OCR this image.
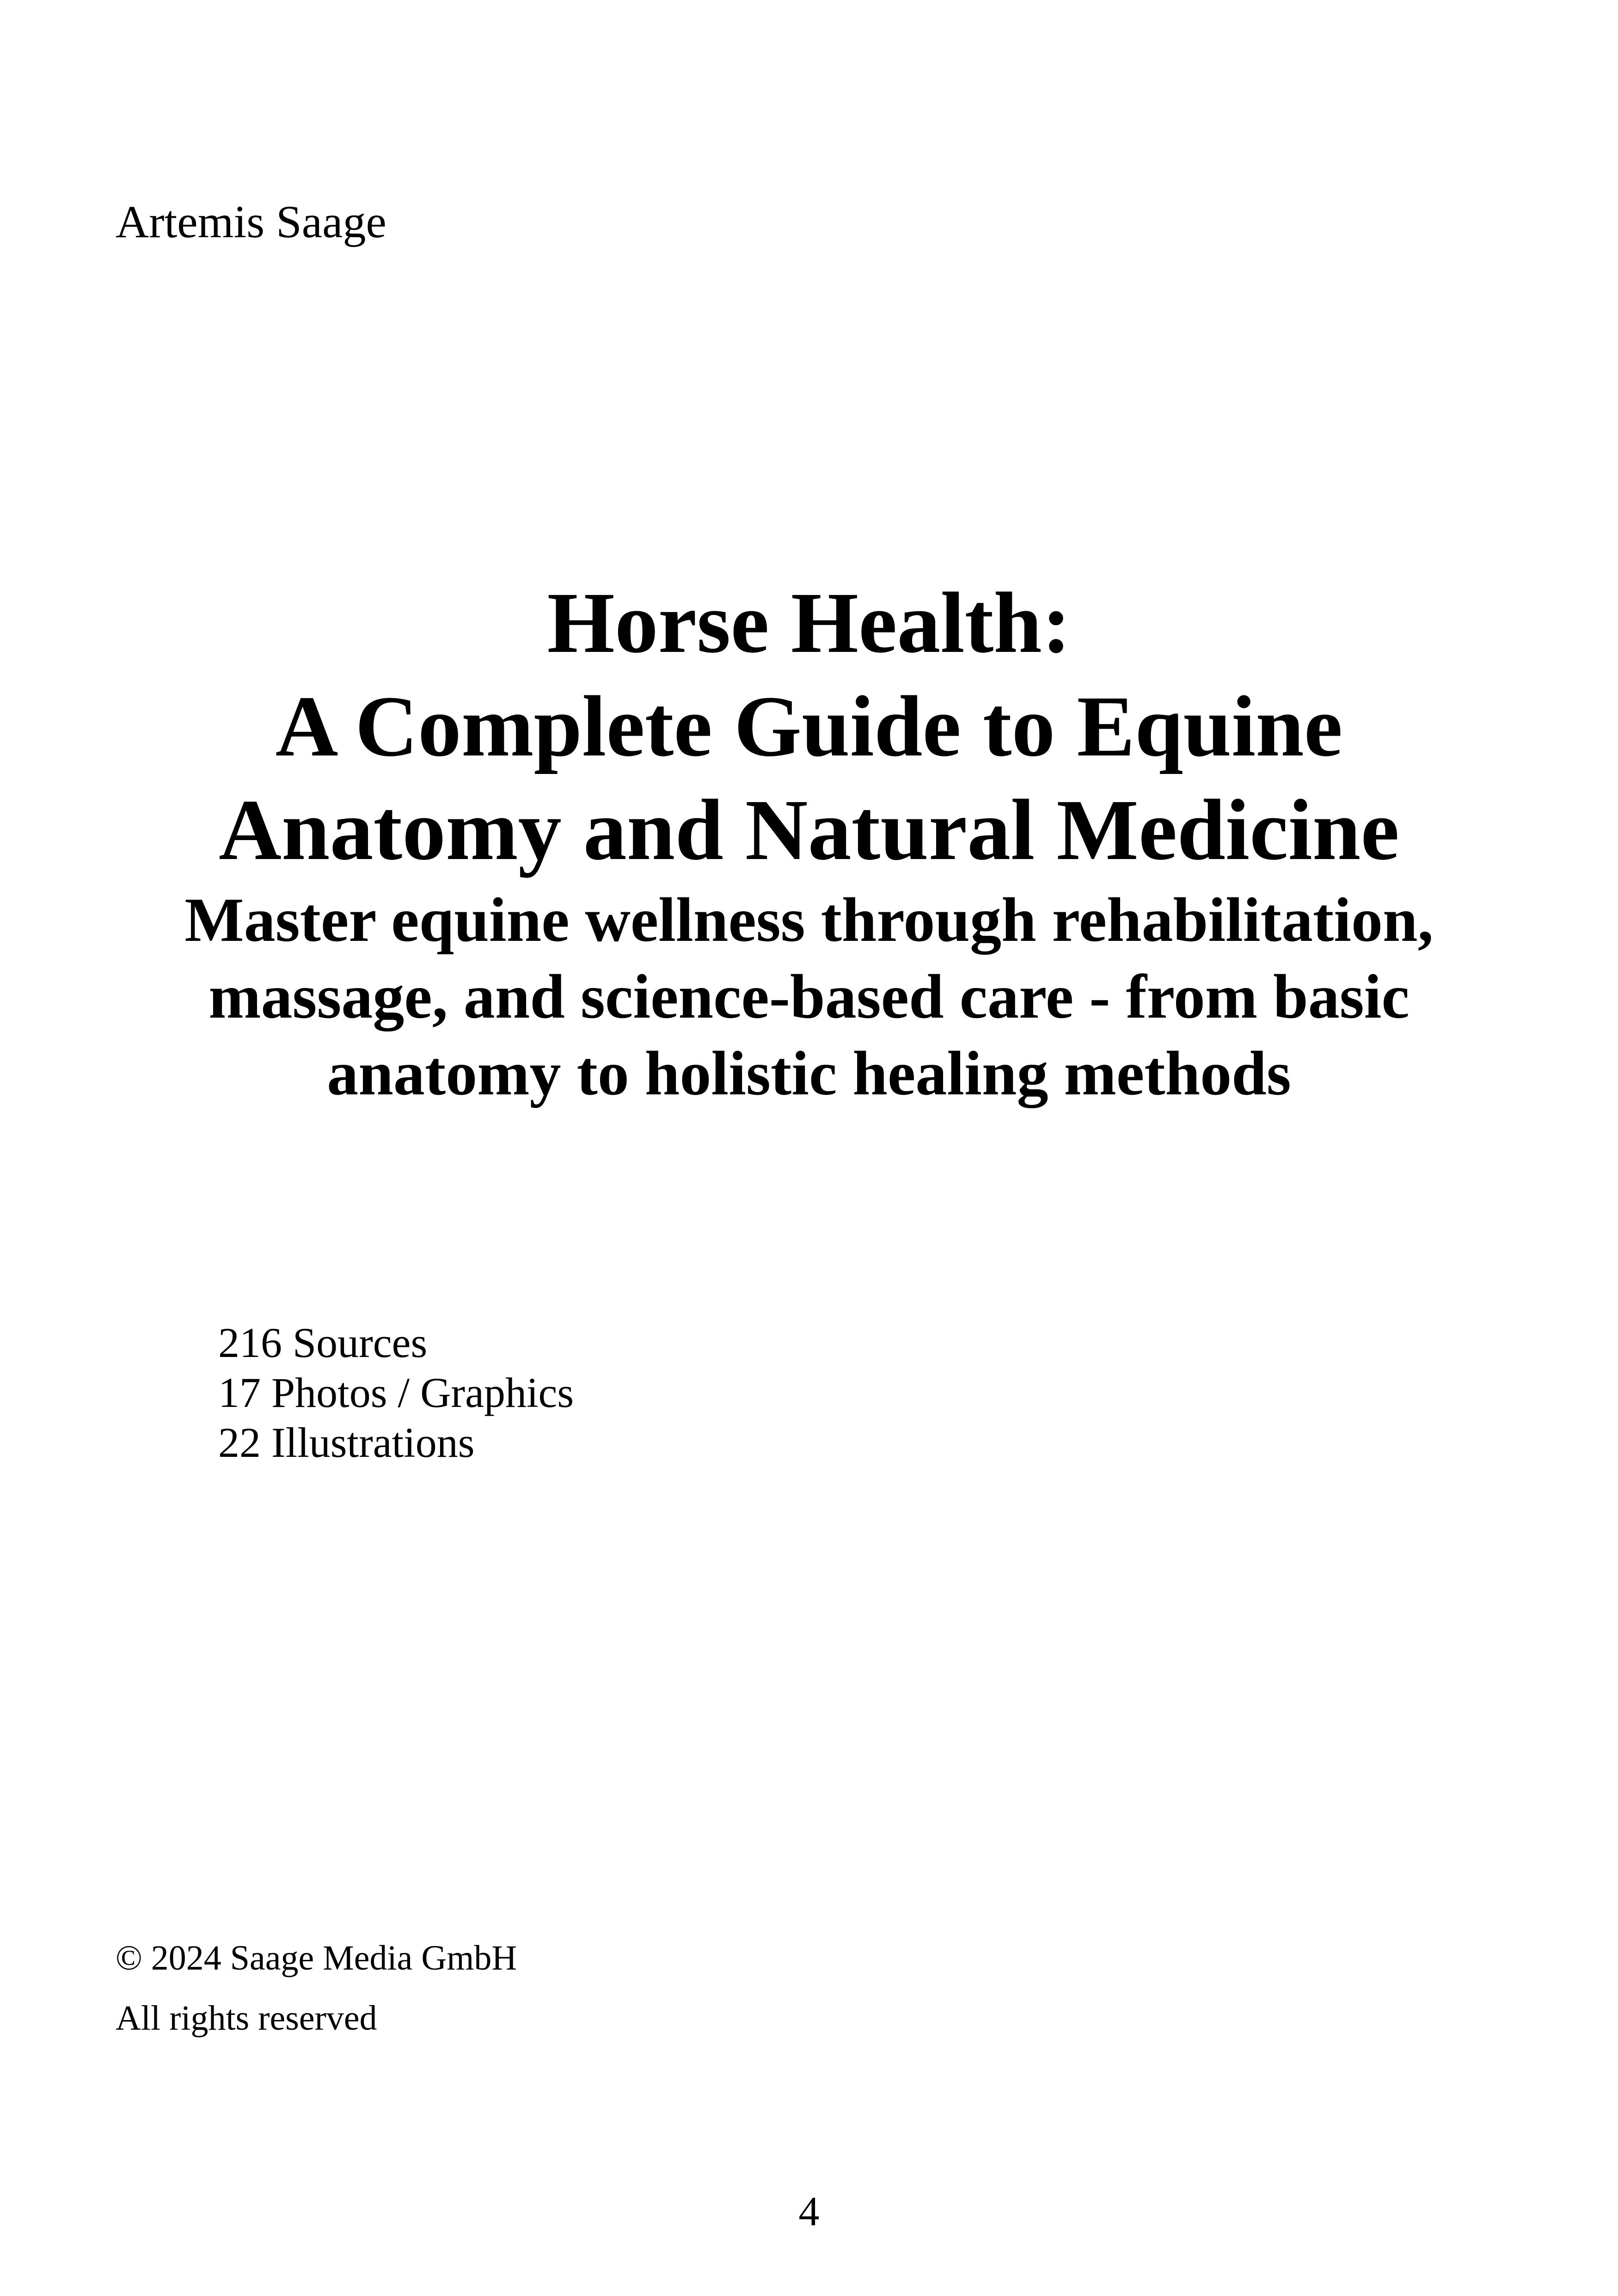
Artemis Saage
Horse Health:
A Complete Guide to Equine
Anatomy and Natural Medicine
Master equine wellness through rehabilitation,
massage, and science-based care - from basic
anatomy to holistic healing methods
216 Sources
17 Photos / Graphics
22 Illustrations
© 2024 Saage Media GmbH
All rights reserved
4
